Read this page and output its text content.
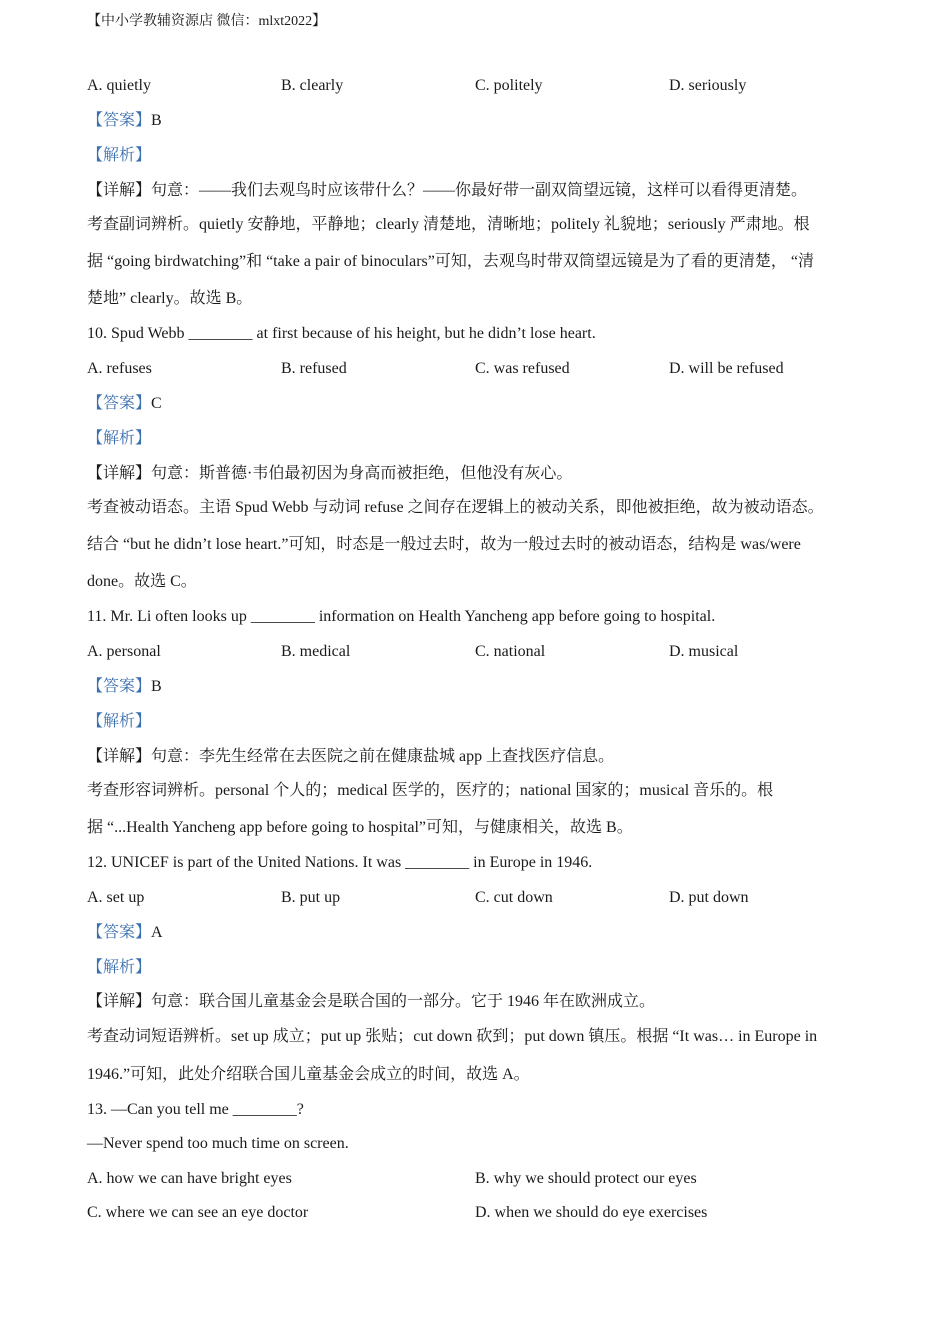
【中小学教辅资源店 微信：mlxt2022】
A. quietly	B. clearly	C. politely	D. seriously
【答案】B
【解析】
【详解】句意：——我们去观鸟时应该带什么？——你最好带一副双筒望远镜，这样可以看得更清楚。
考查副词辨析。quietly 安静地，平静地；clearly 清楚地，清晰地；politely 礼貌地；seriously 严肃地。根
据 “going birdwatching”和 “take a pair of binoculars”可知，去观鸟时带双筒望远镜是为了看的更清楚， “清
楚地” clearly。故选 B。
10. Spud Webb ________ at first because of his height, but he didn’t lose heart.
A. refuses	B. refused	C. was refused	D. will be refused
【答案】C
【解析】
【详解】句意：斯普德·韦伯最初因为身高而被拒绝，但他没有灰心。
考查被动语态。主语 Spud Webb 与动词 refuse 之间存在逻辑上的被动关系，即他被拒绝，故为被动语态。
结合 “but he didn’t lose heart.”可知，时态是一般过去时，故为一般过去时的被动语态，结构是 was/were
done。故选 C。
11. Mr. Li often looks up ________ information on Health Yancheng app before going to hospital.
A. personal	B. medical	C. national	D. musical
【答案】B
【解析】
【详解】句意：李先生经常在去医院之前在健康盐城 app 上查找医疗信息。
考查形容词辨析。personal 个人的；medical 医学的，医疗的；national 国家的；musical 音乐的。根
据 “...Health Yancheng app before going to hospital”可知，与健康相关，故选 B。
12. UNICEF is part of the United Nations. It was ________ in Europe in 1946.
A. set up	B. put up	C. cut down	D. put down
【答案】A
【解析】
【详解】句意：联合国儿童基金会是联合国的一部分。它于 1946 年在欧洲成立。
考查动词短语辨析。set up 成立；put up 张贴；cut down 砍到；put down 镇压。根据 “It was… in Europe in
1946.”可知，此处介绍联合国儿童基金会成立的时间，故选 A。
13. —Can you tell me ________?
—Never spend too much time on screen.
A. how we can have bright eyes	B. why we should protect our eyes
C. where we can see an eye doctor	D. when we should do eye exercises
